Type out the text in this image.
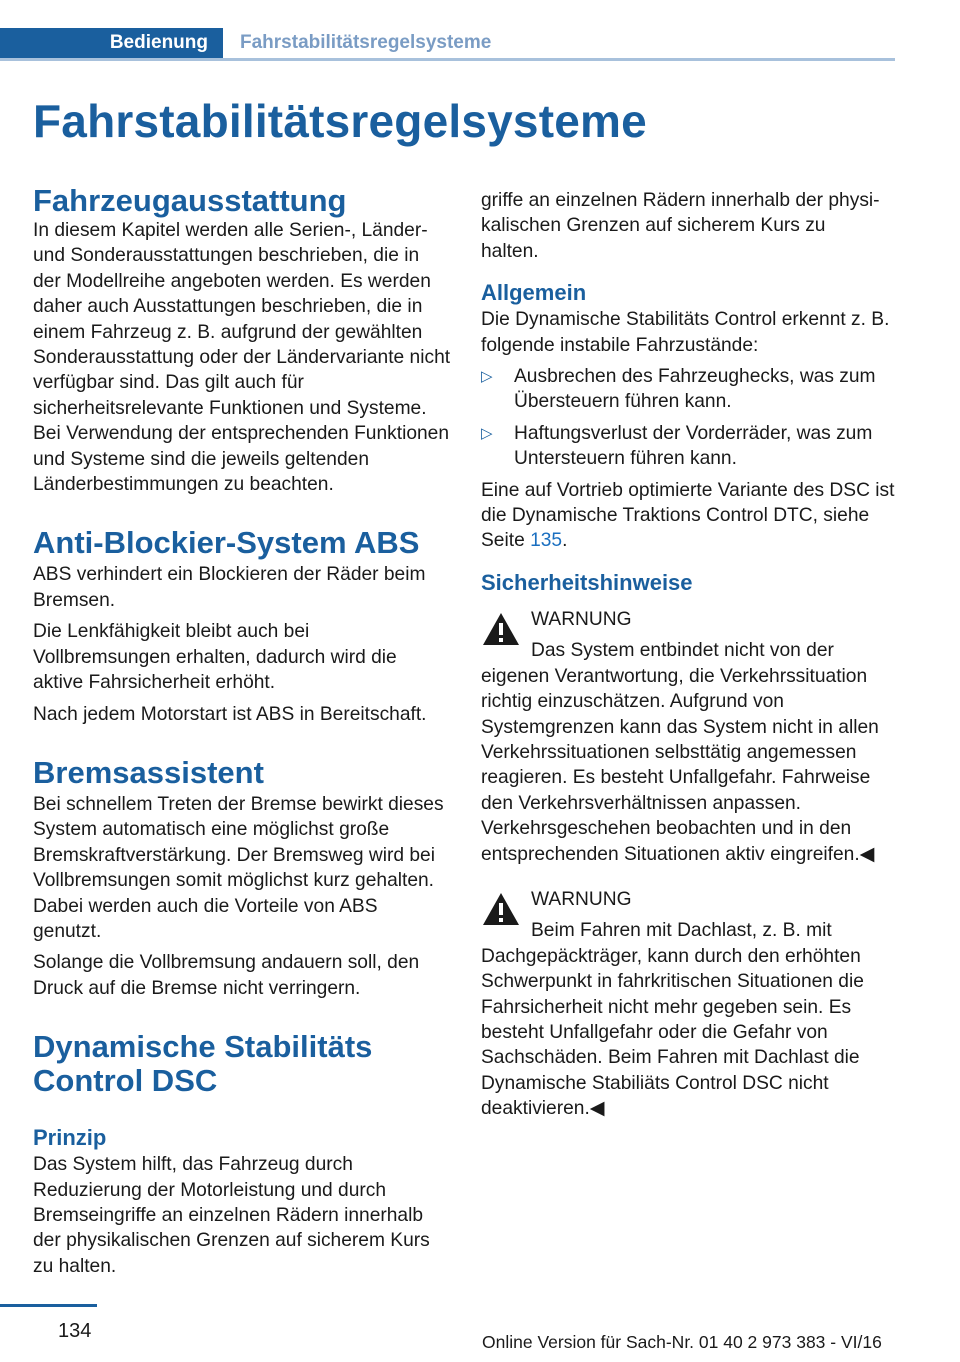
Bedienung	Fahrstabilitätsregelsysteme
Fahrstabilitätsregelsysteme
Fahrzeugausstattung

In diesem Kapitel werden alle Serien-, Länder- und Sonderausstattungen beschrieben, die in der Modellreihe angeboten werden. Es werden daher auch Ausstattungen beschrieben, die in einem Fahrzeug z. B. aufgrund der gewählten Sonderausstattung oder der Ländervariante nicht verfügbar sind. Das gilt auch für sicherheitsrelevante Funktionen und Systeme. Bei Verwendung der entsprechenden Funktionen und Systeme sind die jeweils geltenden Länderbestimmungen zu beachten.

Anti-Blockier-System ABS

ABS verhindert ein Blockieren der Räder beim Bremsen.

Die Lenkfähigkeit bleibt auch bei Vollbremsungen erhalten, dadurch wird die aktive Fahrsicherheit erhöht.

Nach jedem Motorstart ist ABS in Bereitschaft.

Bremsassistent

Bei schnellem Treten der Bremse bewirkt dieses System automatisch eine möglichst große Bremskraftverstärkung. Der Bremsweg wird bei Vollbremsungen somit möglichst kurz gehalten. Dabei werden auch die Vorteile von ABS genutzt.

Solange die Vollbremsung andauern soll, den Druck auf die Bremse nicht verringern.

Dynamische Stabilitäts Control DSC
Prinzip

Das System hilft, das Fahrzeug durch Reduzierung der Motorleistung und durch Bremseingriffe an einzelnen Rädern innerhalb der physikalischen Grenzen auf sicherem Kurs zu halten.

griffe an einzelnen Rädern innerhalb der physi-
kalischen Grenzen auf sicherem Kurs zu
halten.

Allgemein

Die Dynamische Stabilitäts Control erkennt z. B. folgende instabile Fahrzustände:

▷ Ausbrechen des Fahrzeughecks, was zum Übersteuern führen kann.
▷ Haftungsverlust der Vorderräder, was zum Untersteuern führen kann.

Eine auf Vortrieb optimierte Variante des DSC ist die Dynamische Traktions Control DTC, siehe Seite 135.

Sicherheitshinweise

WARNUNG

Das System entbindet nicht von der eigenen Verantwortung, die Verkehrssituation richtig einzuschätzen. Aufgrund von Systemgrenzen kann das System nicht in allen Verkehrssituationen selbsttätig angemessen reagieren. Es besteht Unfallgefahr. Fahrweise den Verkehrsverhältnissen anpassen. Verkehrsgeschehen beobachten und in den entsprechenden Situationen aktiv eingreifen.◀

WARNUNG

Beim Fahren mit Dachlast, z. B. mit Dachgepäckträger, kann durch den erhöhten Schwerpunkt in fahrkritischen Situationen die Fahrsicherheit nicht mehr gegeben sein. Es besteht Unfallgefahr oder die Gefahr von Sachschäden. Beim Fahren mit Dachlast die Dynamische Stabiliäts Control DSC nicht deaktivieren.◀

134	Online Version für Sach-Nr. 01 40 2 973 383 - VI/16
